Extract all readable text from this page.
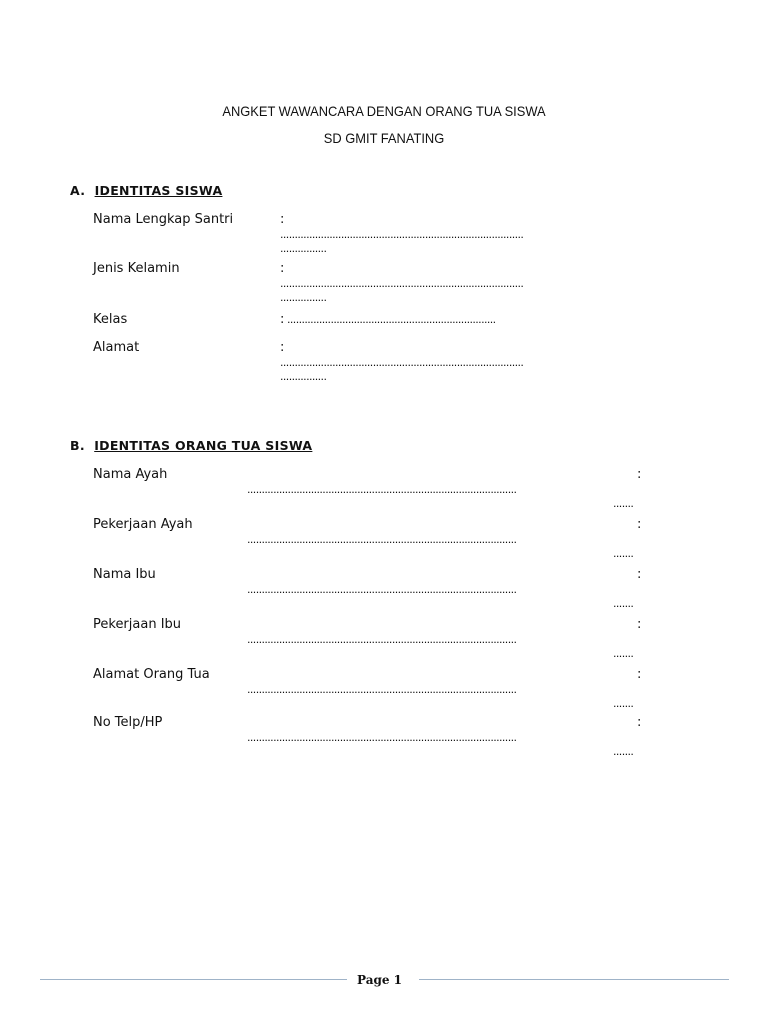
ANGKET WAWANCARA DENGAN ORANG TUA SISWA
SD GMIT FANATING
A. IDENTITAS SISWA
Nama Lengkap Santri	:
....................................................................................
................
Jenis Kelamin	:
....................................................................................
................
Kelas	: ........................................................................
Alamat	:
....................................................................................
................
B. IDENTITAS ORANG TUA SISWA
Nama Ayah	:
.............................................................................................
.......
Pekerjaan Ayah	:
.............................................................................................
.......
Nama Ibu	:
.............................................................................................
.......
Pekerjaan Ibu	:
.............................................................................................
.......
Alamat Orang Tua	:
.............................................................................................
.......
No Telp/HP	:
.............................................................................................
.......
Page 1
